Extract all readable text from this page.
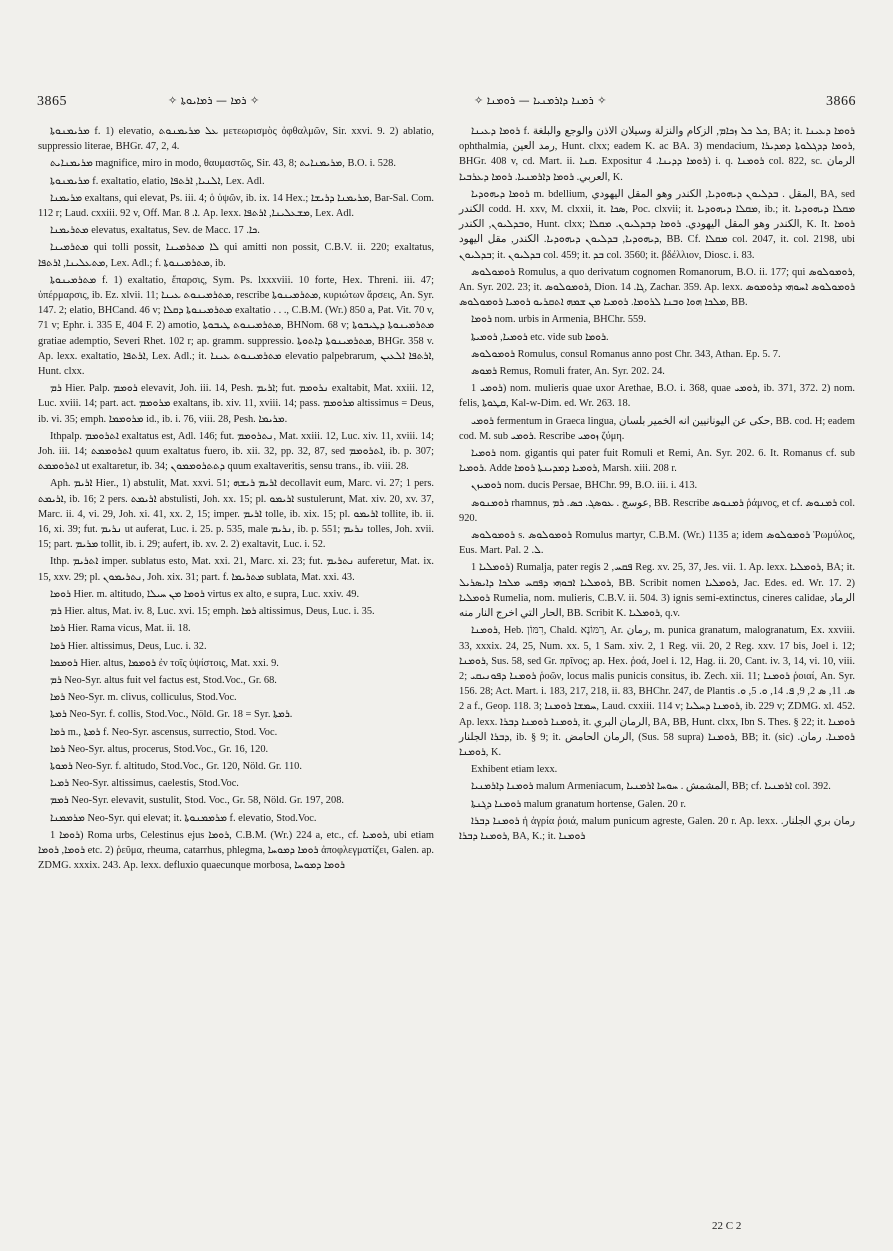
3865	✧ ܪܡܐ — ܪܡܐܝܘܬܐ ✧	✧ ܪܡܢܐ ܕܐܪܡܢܝܐ — ܪܘܡܢܐ ✧	3866

ܡܪܝܡܢܘܬܐ f. 1) elevatio, ܥܠ ܡܪܝܡܢܘܬ μετεωρισμὸς ὀφθαλμῶν, Sir. xxvi. 9. 2) ablatio, suppressio literae, BHGr. 47, 2, 4.

ܡܪܝܡܢܐܝܬ magnifice, miro in modo, θαυμαστῶς, Sir. 43, 8; ܡܪܝܡܢܐܝܬ, B.O. i. 528.

ܡܪܝܡܢܘܬܐ f. exaltatio, elatio, ܐܠܢܝܐ, ܐܪܬܦܐ, Lex. Adl.

ܡܪܝܡܢܐ exaltans, qui elevat, Ps. iii. 4; ὁ ὑψῶν, ib. ix. 14 Hex.; ܡܪܝܡܢܐ ܕܪܝܫܐ, Bar-Sal. Com. 112 r; Laud. cxxiii. 92 v, Off. Mar. ܐ. 8. Ap. lexx. ܡܫܥܠܝܢܐ, ܐܪܬܦܐ, Lex. Adl.

ܡܬܪܝܡܢܐ elevatus, exaltatus, Sev. de Macc. ܟܐ. 17.

ܡܬܪܡܝܢܐ qui tolli possit, ܠܐ ܡܬܪܡܝܢܐ qui amitti non possit, C.B.V. ii. 220; exaltatus, ܡܬܥܠܝܢܐ, ܐܪܬܦܐ, Lex. Adl.; f. ܡܬܪܡܝܢܘܬܐ, ib.

ܡܬܪܡܝܢܘܬܐ f. 1) exaltatio, ἔπαρσις, Sym. Ps. lxxxviii. 10 forte, Hex. Threni. iii. 47; ὑπέρμαρσις, ib. Ez. xlvii. 11; ܡܬܪܡܝܢܘܬ ܥܝܢܐ, rescribe ܡܬܪܡܝܢܘܬܐ, κυριώτων ἄρσεις, An. Syr. 147. 2; elatio, BHCand. 46 v; ܡܬܪܡܝܢܘܬܐ ܕܩܠܐ exaltatio . . ., C.B.M. (Wr.) 850 a, Pat. Vit. 70 v, 71 v; Ephr. i. 335 E, 404 F. 2) amotio, ܡܬܪܡܝܢܘܬ ܛܝܒܘܬܐ, BHNom. 68 v; ܡܬܪܡܝܢܘܬܐ ܕܛܝܒܘܬܐ gratiae ademptio, Severi Rhet. 102 r; ap. gramm. suppressio. ܡܬܪܡܝܢܘܬܐ ܕܐܬܘܬܐ, BHGr. 358 v. Ap. lexx. exaltatio, ܐܪܬܦܐ, Lex. Adl.; it. ܡܬܪܡܝܢܘܬ ܥܝܢܐ elevatio palpebrarum, ܐܪܬܦܐ ܐܠܥܝܢ, Hunt. clxx.

ܪܡ Hier. Palp. ܪܘܡܡ elevavit, Joh. iii. 14, Pesh. ܐܪܝܡ; fut. ܢܪܘܡܡ exaltabit, Mat. xxiii. 12, Luc. xviii. 14; part. act. ܡܪܘܡܡ exaltans, ib. xiv. 11, xviii. 14; pass. ܡܪܘܡܡ altissimus = Deus, ib. vi. 35; emph. ܡܪܘܡܡܐ id., ib. i. 76, viii. 28, Pesh. ܡܪܝܡܐ.

Ithpalp. ܐܬܪܘܡܡ exaltatus est, Adl. 146; fut. ܢܬܪܘܡܡ, Mat. xxiii. 12, Luc. xiv. 11, xviii. 14; Joh. iii. 14; ܐܬܪܘܡܡܬ quum exaltatus fuero, ib. xii. 32, pp. 32, 87, sed ܐܬܪܘܡܡ, ib. p. 307; ܐܬܪܘܡܡܬ ut exaltaretur, ib. 34; ܕܬܬܪܘܡܡܘܢ quum exaltaveritis, sensu trans., ib. viii. 28.

Aph. ܐܪܝܡ Hier., 1) abstulit, Mat. xxvi. 51; ܐܪܝܡ ܪܝܫܗ decollavit eum, Marc. vi. 27; 1 pers. ܐܪܝܡܬ, ib. 16; 2 pers. ܐܪܝܡܬ abstulisti, Joh. xx. 15; pl. ܐܪܝܡܘ sustulerunt, Mat. xiv. 20, xv. 37, Marc. ii. 4, vi. 29, Joh. xi. 41, xx. 2, 15; imper. ܐܪܝܡ tolle, ib. xix. 15; pl. ܐܪܝܡܘ tollite, ib. ii. 16, xi. 39; fut. ܢܪܝܡ ut auferat, Luc. i. 25. p. 535, male ܢܪܝܡ, ib. p. 551; ܢܪܝܡ tolles, Joh. xvii. 15; part. ܡܪܝܡ tollit, ib. i. 29; aufert, ib. xv. 2. 2) exaltavit, Luc. i. 52.

Ithp. ܐܬܪܝܡ imper. sublatus esto, Mat. xxi. 21, Marc. xi. 23; fut. ܢܬܪܝܡ auferetur, Mat. ix. 15, xxv. 29; pl. ܢܬܪܝܡܘܢ, Joh. xix. 31; part. f. ܡܬܪܝܡܐ sublata, Mat. xxi. 43.

ܪܘܡܐ Hier. m. altitudo, ܪܘܡܐ ܡܢ ܚܝܠܐ virtus ex alto, e supra, Luc. xxiv. 49.

ܪܡ Hier. altus, Mat. iv. 8, Luc. xvi. 15; emph. ܪܡܐ altissimus, Deus, Luc. i. 35.

ܪܡܐ Hier. Rama vicus, Mat. ii. 18.

ܪܡܐ Hier. altissimus, Deus, Luc. i. 32.

ܪܘܡܡܐ Hier. altus, ܪܘܡܡܐ ἐν τοῖς ὑψίστοις, Mat. xxi. 9.

ܪܡ Neo-Syr. altus fuit vel factus est, Stod.Voc., Gr. 68.

ܪܡܐ Neo-Syr. m. clivus, colliculus, Stod.Voc.

ܪܡܬܐ Neo-Syr. f. collis, Stod.Voc., Nöld. Gr. 18 = Syr. ܪܡܬܐ.

ܪܡܐ m., ܪܡܬܐ f. Neo-Syr. ascensus, surrectio, Stod. Voc.

ܪܡܐ Neo-Syr. altus, procerus, Stod.Voc., Gr. 16, 120.

ܪܡܘܬܐ Neo-Syr. f. altitudo, Stod.Voc., Gr. 120, Nöld. Gr. 110.

ܪܡܝܐ Neo-Syr. altissimus, caelestis, Stod.Voc.

ܪܡܡ Neo-Syr. elevavit, sustulit, Stod. Voc., Gr. 58, Nöld. Gr. 197, 208.

ܡܪܡܡܢܐ Neo-Syr. qui elevat; it. ܡܪܡܡܢܘܬܐ f. elevatio, Stod.Voc.

ܪܘܡܐ 1) Roma urbs, Celestinus ejus ܪܘܡܐ, C.B.M. (Wr.) 224 a, etc., cf. ܪܘܡܝܐ, ubi etiam ܪܘܡܐ, ܪܘܡܐ etc. 2) ῥεῦμα, rheuma, catarrhus, phlegma, ܪܘܡܐ ܕܡܘܚܐ ἀποφλεγματίζει, Galen. ap. ZDMG. xxxix. 243. Ap. lexx. defluxio quaecunque morbosa, ܪܘܡܐ ܕܡܘܚܐ

ܪܘܡܐ ܕܥܝܢܐ f. ܟܠ ܟܠ ܙܟܐܡ, الزكام والنزلة وسيلان الاذن والوجع والبلغة, BA; it. ܪܘܡܐ ܕܥܝܢܐ ophthalmia, رمد العين, Hunt. clxx; eadem K. ac BA. 3) mendacium, ܪܘܡܐ ܕܕܓܠܘܬܐ ܕܡܕܝܪܐ, BHGr. 408 v, cd. Mart. ii. ܩܢܐ. Expositur ܪܘܡܐ ܕܕܝܢܐ. 4) i. q. ܪܘܡܢܐ col. 822, sc. الرمان العربي. ܪܘܡܐ ܕܐܪܡܢܝܐ. ܪܘܡܐ ܕܥܪܒܝܐ, K.

ܪܘܡܐ ܕܝܗܘܕܝܐ m. bdellium, المقل . ܒܕܠܝܘܢ ܕܝܗܘܕܝܐ, الكندر وهو المقل اليهودي, BA, sed الكندر codd. H. xxv, M. clxxii, it. ܣܟܐ, Poc. clxvii; it. ܡܩܠܐ ܕܝܗܘܕܝܐ, ib.; it. ܡܩܠܐ ܕܝܗܘܕܝܐ ܘܒܕܠܝܘܢ, الكندر, Hunt. clxx; الكندر وهو المقل اليهودي. ܪܘܡܐ ܕܒܕܠܝܘܢ. ܡܩܠܐ, K. It. ܪܘܡܐ ܕܝܗܘܕܝܐ, ܒܕܠܝܘܢ ܕܝܗܘܕܝܐ. الكندر, مقل اليهود, BB. Cf. ܡܩܠܐ col. 2047, it. col. 2198, ubi ܒܕܠܝܘܢ; it. ܒܕܠܝܘܢ col. 459; it. ܒܕ col. 3560; it. βδέλλιον, Diosc. i. 83.

ܪܘܡܘܠܘܣ Romulus, a quo derivatum cognomen Romanorum, B.O. ii. 177; qui ܪܘܡܘܠܘܣ, An. Syr. 202. 23; it. ܪܘܡܘܠܘܣ, Dion. ܓܐ. 14, Zachar. 359. Ap. lexx. ܪܘܡܘܠܘܣ ܐܚܘܗܝ ܕܪܘܡܘܣ ܡܠܟܐ ܗܘܐ ܘܒܢܐ ܠܪܘܡܐ. ܪܘܡܝܐ ܡܢ ܫܡܗ ܐܬܩܪܝܘ ܪܘܡܝܐ ܪܘܡܘܠܘܣ, BB.

ܪܘܡܐ nom. urbis in Armenia, BHChr. 559.

ܪܘܡܝܐ, ܪܘܡܝܬܐ etc. vide sub ܪܘܡܐ.

ܪܘܡܘܠܘܣ Romulus, consul Romanus anno post Chr. 343, Athan. Ep. 5. 7.

ܪܡܘܣ Remus, Romuli frater, An. Syr. 202. 24.

ܪܘܡܝ 1) nom. mulieris quae uxor Arethae, B.O. i. 368, quae ܪܘܡܝ, ib. 371, 372. 2) nom. felis, ܩܛܘܬܐ, Kal-w-Dim. ed. Wr. 263. 18.

ܪܘܡܝ fermentum in Graeca lingua, حكى عن اليونانيين انه الخمير بلسان, BB. cod. H; eadem cod. M. sub ܪܘܡܝ. Rescribe ܙܘܡܝ ζύμη.

ܪܘܡܝܐ nom. gigantis qui pater fuit Romuli et Remi, An. Syr. 202. 6. It. Romanus cf. sub ܪܘܡܝܐ. Adde ܪܘܡܝܐ ܕܡܕܝܢܬܐ ܪܘܡܐ, Marsh. xiii. 208 r.

ܪܘܡܝܙܢ nom. ducis Persae, BHChr. 99, B.O. iii. i. 413.

ܪܘܡܢܘܣ rhamnus, عوسج . ܥܘܣܓ. ܟܣ. ܪܡ, BB. Rescribe ܪܡܢܘܣ ῥάμνος, et cf. ܪܡܢܘܣ col. 920.

ܪܘܡܘܠܘܣ s. ܪܘܡܘܠܘܣ Romulus martyr, C.B.M. (Wr.) 1135 a; idem ܪܘܡܘܠܘܣ Ῥωμύλος, Eus. Mart. Pal. ܠ. 2.

ܪܘܡܠܝܐ 1) Rumalja, pater regis ܦܩܚ, 2 Reg. xv. 25, 37, Jes. vii. 1. Ap. lexx. ܪܘܡܠܝܐ, BA; it. ܪܘܡܠܝܐ ܐܒܘܗܝ ܕܦܩܚ ܡܠܟܐ ܕܐܝܣܪܝܠ, BB. Scribit nomen ܪܘܡܠܝܐ, Jac. Edes. ed. Wr. 17. 2) ܪܘܡܠܝܐ Rumelia, nom. mulieris, C.B.V. ii. 504. 3) ignis semi-extinctus, cineres calidae, الرماد الحار التي اخرج النار منه, BB. Scribit K. ܪܘܡܠܝܐ, q.v.

ܪܘܡܢܐ, Heb. רִמּוֹן, Chald. רִמּוֹנָא, Ar. رمان, m. punica granatum, malogranatum, Ex. xxviii. 33, xxxix. 24, 25, Num. xx. 5, 1 Sam. xiv. 2, 1 Reg. vii. 20, 2 Reg. xxv. 17 bis, Joel i. 12; ܪܘܡܢܐ, Sus. 58, sed Gr. πρῖνος; ap. Hex. ῥοά, Joel i. 12, Hag. ii. 20, Cant. iv. 3, 14, vi. 10, viii. 2; ܪܘܡܢܐ ܕܦܘܢܝܩܝ ῥοῶν, locus malis punicis consitus, ib. Zech. xii. 11; ܪܘܡܢܐ ῥοιαί, An. Syr. 156. 28; Act. Mart. i. 183, 217, 218, ii. 83, BHChr. 247, de Plantis ܣ. 11, ܣ 2, 9, ܦ. 14, ܘ. 5, ܘ. 2 a f., Geop. 118. 3; ܚܡܫܐ ܪܘܡܢܐ, Laud. cxxiii. 114 v; ܪܘܡܢܐ ܕܚܠܝܐ, ib. 229 v; ZDMG. xl. 452. Ap. lexx. ܪܘܡܢܐ ܪܘܡܢܐ ܕܒܪܐ, it. الرمان البري, BA, BB, Hunt. clxx, Ibn S. Thes. § 22; it. ܪܘܡܢܐ ܕܒܪܐ الجلنار, ib. § 9; it. الرمان الحامض, (Sus. 58 supra) ܪܘܡܢܐ, BB; it. (sic) ܪܘܡܢܐ. رمان. ܪܘܡܢܐ, K.

Exhibent etiam lexx.

ܪܘܡܢܐ ܕܐܪܡܢܝܐ malum Armeniacum, المشمش . ܚܘܚܐ ܐܪܡܢܝܐ, BB; cf. ܐܪܡܢܝܐ col. 392.

ܪܘܡܢܐ ܕܓܢܬܐ malum granatum hortense, Galen. 20 r.

ܪܘܡܢܐ ܕܒܪܐ ἡ ἀγρία ῥοιά, malum punicum agreste, Galen. 20 r. Ap. lexx. رمان بري الجلنار. ܪܘܡܢܐ ܕܒܪܐ, BA, K.; it. ܪܘܡܢܐ

22 C 2
